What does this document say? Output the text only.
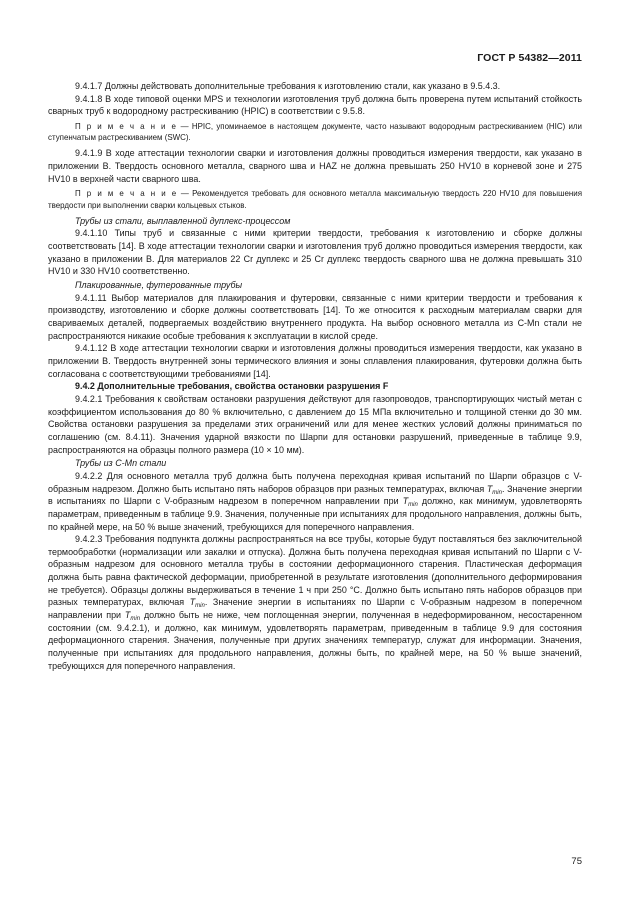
ГОСТ Р 54382—2011

9.4.1.7 Должны действовать дополнительные требования к изготовлению стали, как указано в 9.5.4.3.

9.4.1.8 В ходе типовой оценки MPS и технологии изготовления труб должна быть проверена путем испытаний стойкость сварных труб к водородному растрескиванию (HPIC) в соответствии с 9.5.8.

П р и м е ч а н и е — HPIC, упоминаемое в настоящем документе, часто называют водородным растрескиванием (HIC) или ступенчатым растрескиванием (SWC).

9.4.1.9 В ходе аттестации технологии сварки и изготовления должны проводиться измерения твердости, как указано в приложении В. Твердость основного металла, сварного шва и HAZ не должна превышать 250 HV10 в корневой зоне и 275 HV10 в верхней части сварного шва.

П р и м е ч а н и е — Рекомендуется требовать для основного металла максимальную твердость 220 HV10 для повышения твердости при выполнении сварки кольцевых стыков.

Трубы из стали, выплавленной дуплекс-процессом

9.4.1.10 Типы труб и связанные с ними критерии твердости, требования к изготовлению и сборке должны соответствовать [14]. В ходе аттестации технологии сварки и изготовления труб должно проводиться измерения твердости, как указано в приложении В. Для материалов 22 Cr дуплекс и 25 Cr дуплекс твердость сварного шва не должна превышать 310 HV10 и 330 HV10 соответственно.

Плакированные, футерованные трубы

9.4.1.11 Выбор материалов для плакирования и футеровки, связанные с ними критерии твердости и требования к производству, изготовлению и сборке должны соответствовать [14]. То же относится к расходным материалам сварки для свариваемых деталей, подвергаемых воздействию внутреннего продукта. На выбор основного металла из C-Mn стали не распространяются никакие особые требования к эксплуатации в кислой среде.

9.4.1.12 В ходе аттестации технологии сварки и изготовления должны проводиться измерения твердости, как указано в приложении В. Твердость внутренней зоны термического влияния и зоны сплавления плакирования, футеровки должна быть согласована с соответствующими требованиями [14].

9.4.2 Дополнительные требования, свойства остановки разрушения F

9.4.2.1 Требования к свойствам остановки разрушения действуют для газопроводов, транспортирующих чистый метан с коэффициентом использования до 80 % включительно, с давлением до 15 МПа включительно и толщиной стенки до 30 мм. Свойства остановки разрушения за пределами этих ограничений или для менее жестких условий должны приниматься по соглашению (см. 8.4.11). Значения ударной вязкости по Шарпи для остановки разрушений, приведенные в таблице 9.9, распространяются на образцы полного размера (10 × 10 мм).

Трубы из C-Mn стали

9.4.2.2 Для основного металла труб должна быть получена переходная кривая испытаний по Шарпи образцов с V-образным надрезом. Должно быть испытано пять наборов образцов при разных температурах, включая $T_{min}$. Значение энергии в испытаниях по Шарпи с V-образным надрезом в поперечном направлении при $T_{min}$ должно, как минимум, удовлетворять параметрам, приведенным в таблице 9.9. Значения, полученные при испытаниях для продольного направления, должны быть, по крайней мере, на 50 % выше значений, требующихся для поперечного направления.

9.4.2.3 Требования подпункта должны распространяться на все трубы, которые будут поставляться без заключительной термообработки (нормализации или закалки и отпуска). Должна быть получена переходная кривая испытаний по Шарпи с V-образным надрезом для основного металла трубы в состоянии деформационного старения. Пластическая деформация должна быть равна фактической деформации, приобретенной в результате изготовления (дополнительного деформирования не требуется). Образцы должны выдерживаться в течение 1 ч при 250 °С. Должно быть испытано пять наборов образцов при разных температурах, включая $T_{min}$. Значение энергии в испытаниях по Шарпи с V-образным надрезом в поперечном направлении при $T_{min}$ должно быть не ниже, чем поглощенная энергии, полученная в недеформированном, несостаренном состоянии (см. 9.4.2.1), и должно, как минимум, удовлетворять параметрам, приведенным в таблице 9.9 для состояния деформационного старения. Значения, полученные при других значениях температур, служат для информации. Значения, полученные при испытаниях для продольного направления, должны быть, по крайней мере, на 50 % выше значений, требующихся для поперечного направления.

75
